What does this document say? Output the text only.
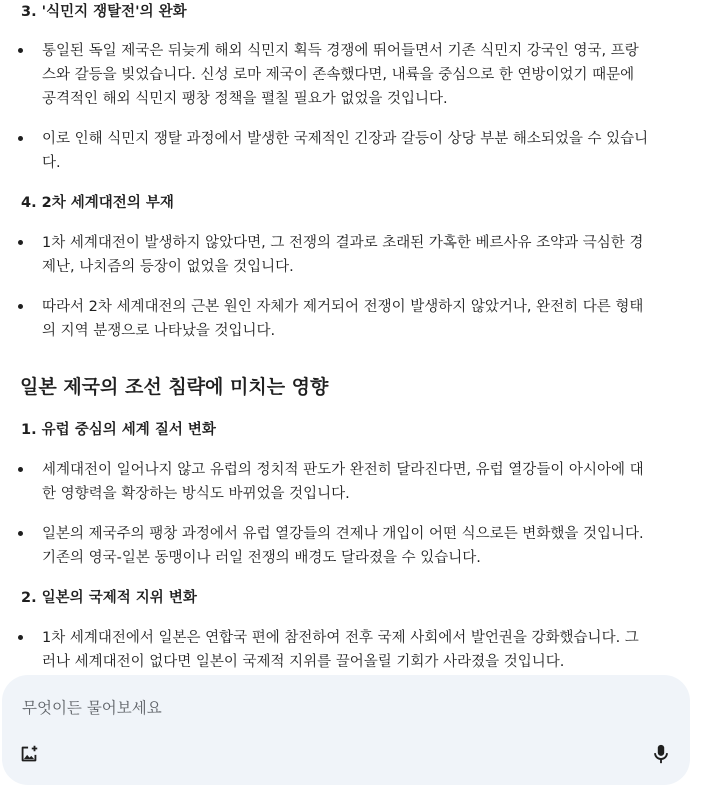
3. '식민지 쟁탈전'의 완화
통일된 독일 제국은 뒤늦게 해외 식민지 획득 경쟁에 뛰어들면서 기존 식민지 강국인 영국, 프랑
스와 갈등을 빚었습니다. 신성 로마 제국이 존속했다면, 내륙을 중심으로 한 연방이었기 때문에
공격적인 해외 식민지 팽창 정책을 펼칠 필요가 없었을 것입니다.
이로 인해 식민지 쟁탈 과정에서 발생한 국제적인 긴장과 갈등이 상당 부분 해소되었을 수 있습니
다.
4. 2차 세계대전의 부재
1차 세계대전이 발생하지 않았다면, 그 전쟁의 결과로 초래된 가혹한 베르사유 조약과 극심한 경
제난, 나치즘의 등장이 없었을 것입니다.
따라서 2차 세계대전의 근본 원인 자체가 제거되어 전쟁이 발생하지 않았거나, 완전히 다른 형태
의 지역 분쟁으로 나타났을 것입니다.
일본 제국의 조선 침략에 미치는 영향
1. 유럽 중심의 세계 질서 변화
세계대전이 일어나지 않고 유럽의 정치적 판도가 완전히 달라진다면, 유럽 열강들이 아시아에 대
한 영향력을 확장하는 방식도 바뀌었을 것입니다.
일본의 제국주의 팽창 과정에서 유럽 열강들의 견제나 개입이 어떤 식으로든 변화했을 것입니다.
기존의 영국-일본 동맹이나 러일 전쟁의 배경도 달라졌을 수 있습니다.
2. 일본의 국제적 지위 변화
1차 세계대전에서 일본은 연합국 편에 참전하여 전후 국제 사회에서 발언권을 강화했습니다. 그
러나 세계대전이 없다면 일본이 국제적 지위를 끌어올릴 기회가 사라졌을 것입니다.
무엇이든 물어보세요
